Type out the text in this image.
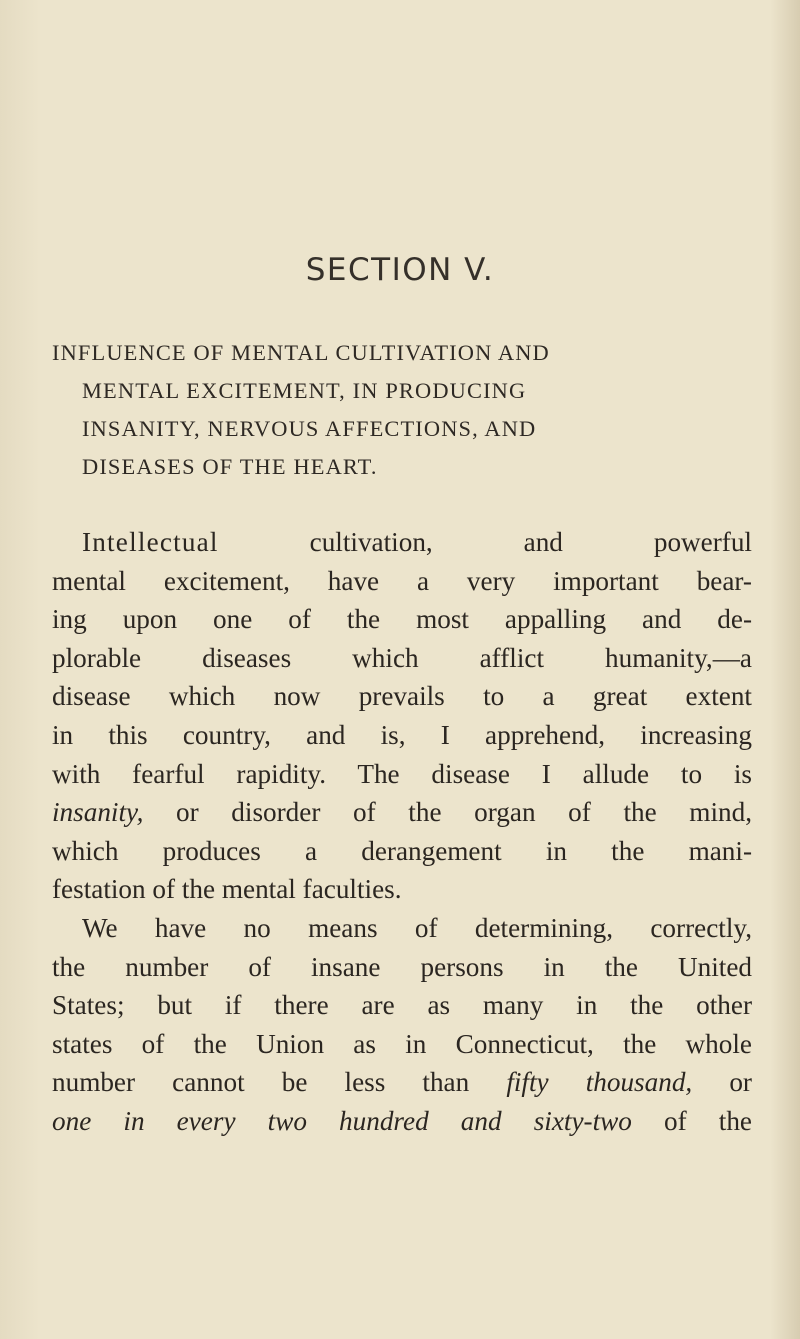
SECTION V.
INFLUENCE OF MENTAL CULTIVATION AND
MENTAL EXCITEMENT, IN PRODUCING
INSANITY, NERVOUS AFFECTIONS, AND
DISEASES OF THE HEART.
Intellectual cultivation, and powerful
mental excitement, have a very important bear-
ing upon one of the most appalling and de-
plorable diseases which afflict humanity,—a
disease which now prevails to a great extent
in this country, and is, I apprehend, increasing
with fearful rapidity. The disease I allude to is
insanity, or disorder of the organ of the mind,
which produces a derangement in the mani-
festation of the mental faculties.
We have no means of determining, correctly,
the number of insane persons in the United
States; but if there are as many in the other
states of the Union as in Connecticut, the whole
number cannot be less than fifty thousand, or
one in every two hundred and sixty-two of the
